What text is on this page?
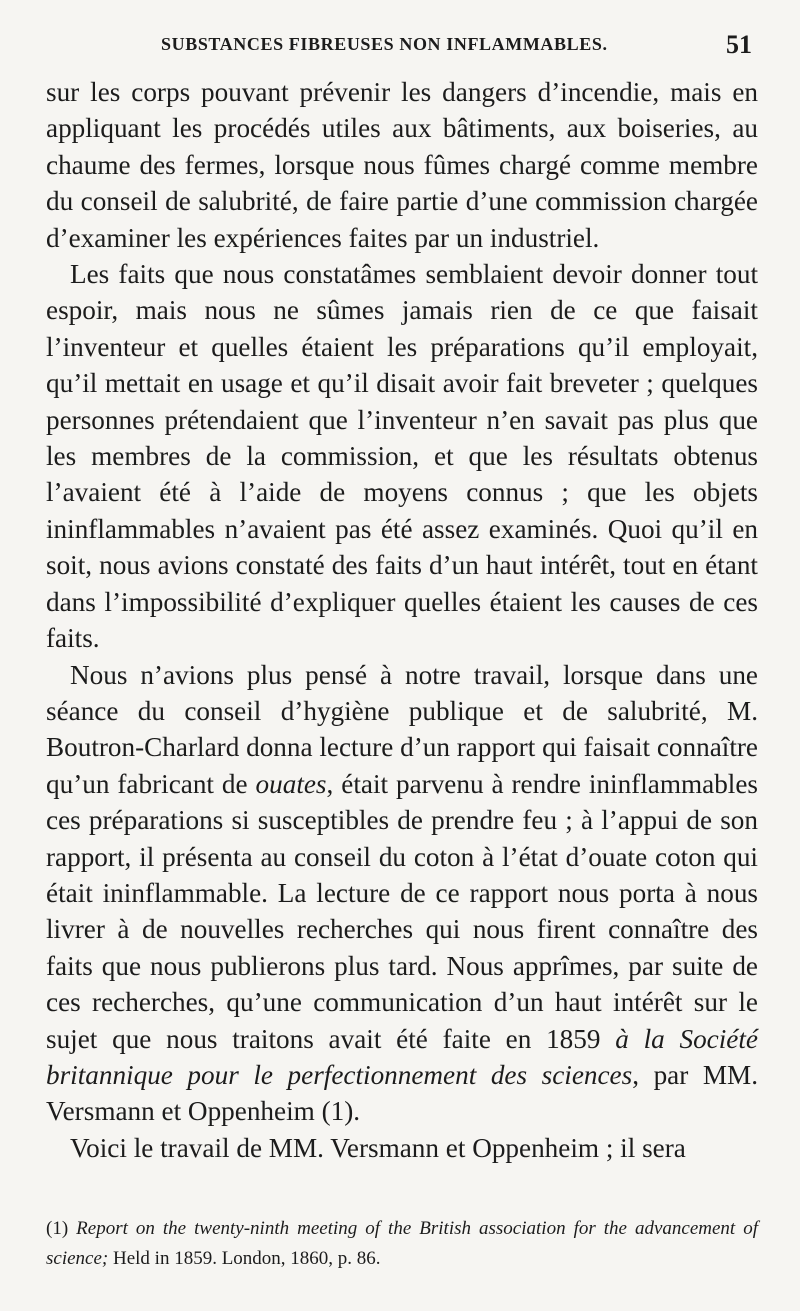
SUBSTANCES FIBREUSES NON INFLAMMABLES.	51

sur les corps pouvant prévenir les dangers d’incendie, mais en appliquant les procédés utiles aux bâtiments, aux boiseries, au chaume des fermes, lorsque nous fûmes chargé comme membre du conseil de salubrité, de faire partie d’une commission chargée d’examiner les expériences faites par un industriel.

Les faits que nous constatâmes semblaient devoir donner tout espoir, mais nous ne sûmes jamais rien de ce que faisait l’inventeur et quelles étaient les préparations qu’il employait, qu’il mettait en usage et qu’il disait avoir fait breveter ; quelques personnes prétendaient que l’inventeur n’en savait pas plus que les membres de la commission, et que les résultats obtenus l’avaient été à l’aide de moyens connus ; que les objets ininflammables n’avaient pas été assez examinés. Quoi qu’il en soit, nous avions constaté des faits d’un haut intérêt, tout en étant dans l’impossibilité d’expliquer quelles étaient les causes de ces faits.

Nous n’avions plus pensé à notre travail, lorsque dans une séance du conseil d’hygiène publique et de salubrité, M. Boutron-Charlard donna lecture d’un rapport qui faisait connaître qu’un fabricant de ouates, était parvenu à rendre ininflammables ces préparations si susceptibles de prendre feu ; à l’appui de son rapport, il présenta au conseil du coton à l’état d’ouate coton qui était ininflammable. La lecture de ce rapport nous porta à nous livrer à de nouvelles recherches qui nous firent connaître des faits que nous publierons plus tard. Nous apprîmes, par suite de ces recherches, qu’une communication d’un haut intérêt sur le sujet que nous traitons avait été faite en 1859 à la Société britannique pour le perfectionnement des sciences, par MM. Versmann et Oppenheim (1).

Voici le travail de MM. Versmann et Oppenheim ; il sera

(1) Report on the twenty-ninth meeting of the British association for the advancement of science; Held in 1859. London, 1860, p. 86.
